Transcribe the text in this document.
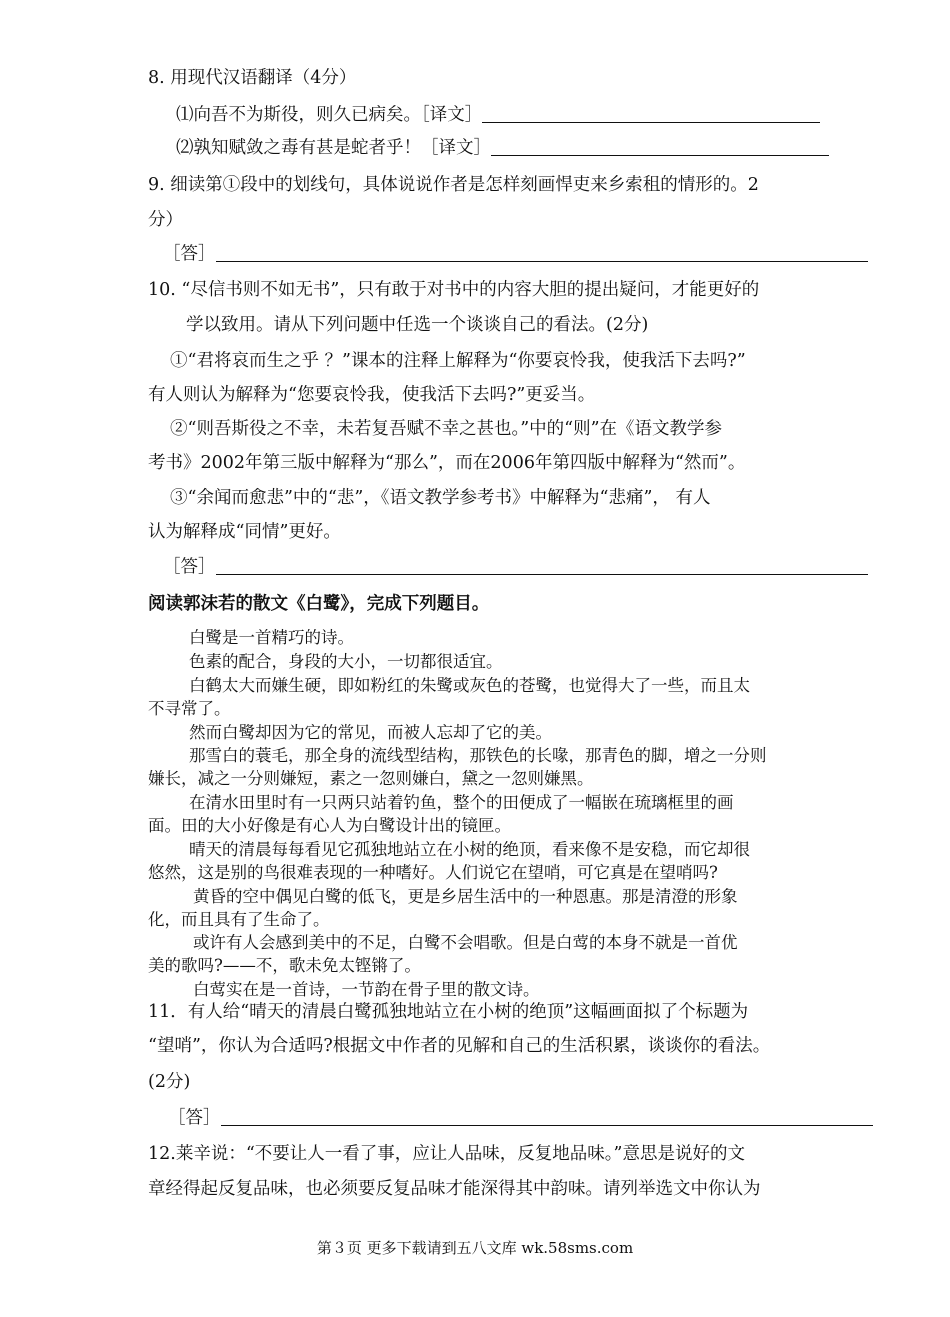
8. 用现代汉语翻译（4分）
⑴向吾不为斯役，则久已病矣。［译文］
⑵孰知赋敛之毒有甚是蛇者乎！［译文］
9. 细读第①段中的划线句，具体说说作者是怎样刻画悍吏来乡索租的情形的。2
分）
［答］
10. “尽信书则不如无书”，只有敢于对书中的内容大胆的提出疑问，才能更好的
学以致用。请从下列问题中任选一个谈谈自己的看法。(2分)
①“君将哀而生之乎 ？”课本的注释上解释为“你要哀怜我，使我活下去吗?”
有人则认为解释为“您要哀怜我，使我活下去吗?”更妥当。
②“则吾斯役之不幸，未若复吾赋不幸之甚也。”中的“则”在《语文教学参
考书》2002年第三版中解释为“那么”，而在2006年第四版中解释为“然而”。
③“余闻而愈悲”中的“悲”，《语文教学参考书》中解释为“悲痛”， 有人
认为解释成“同情”更好。
［答］
阅读郭沫若的散文《白鹭》，完成下列题目。
白鹭是一首精巧的诗。
色素的配合，身段的大小，一切都很适宜。
白鹤太大而嫌生硬，即如粉红的朱鹭或灰色的苍鹭，也觉得大了一些，而且太
不寻常了。
然而白鹭却因为它的常见，而被人忘却了它的美。
那雪白的蓑毛，那全身的流线型结构，那铁色的长喙，那青色的脚，增之一分则
嫌长，减之一分则嫌短，素之一忽则嫌白，黛之一忽则嫌黑。
在清水田里时有一只两只站着钓鱼，整个的田便成了一幅嵌在琉璃框里的画
面。田的大小好像是有心人为白鹭设计出的镜匣。
晴天的清晨每每看见它孤独地站立在小树的绝顶，看来像不是安稳，而它却很
悠然，这是别的鸟很难表现的一种嗜好。人们说它在望哨，可它真是在望哨吗?
黄昏的空中偶见白鹭的低飞，更是乡居生活中的一种恩惠。那是清澄的形象
化，而且具有了生命了。
或许有人会感到美中的不足，白鹭不会唱歌。但是白莺的本身不就是一首优
美的歌吗?——不，歌未免太铿锵了。
白莺实在是一首诗，一节韵在骨子里的散文诗。
11．有人给“晴天的清晨白鹭孤独地站立在小树的绝顶”这幅画面拟了个标题为
“望哨”，你认为合适吗?根据文中作者的见解和自己的生活积累，谈谈你的看法。
(2分)
［答］
12.莱辛说：“不要让人一看了事，应让人品味，反复地品味。”意思是说好的文
章经得起反复品味，也必须要反复品味才能深得其中韵味。请列举选文中你认为
第３页 更多下载请到五八文库 wk.58sms.com
